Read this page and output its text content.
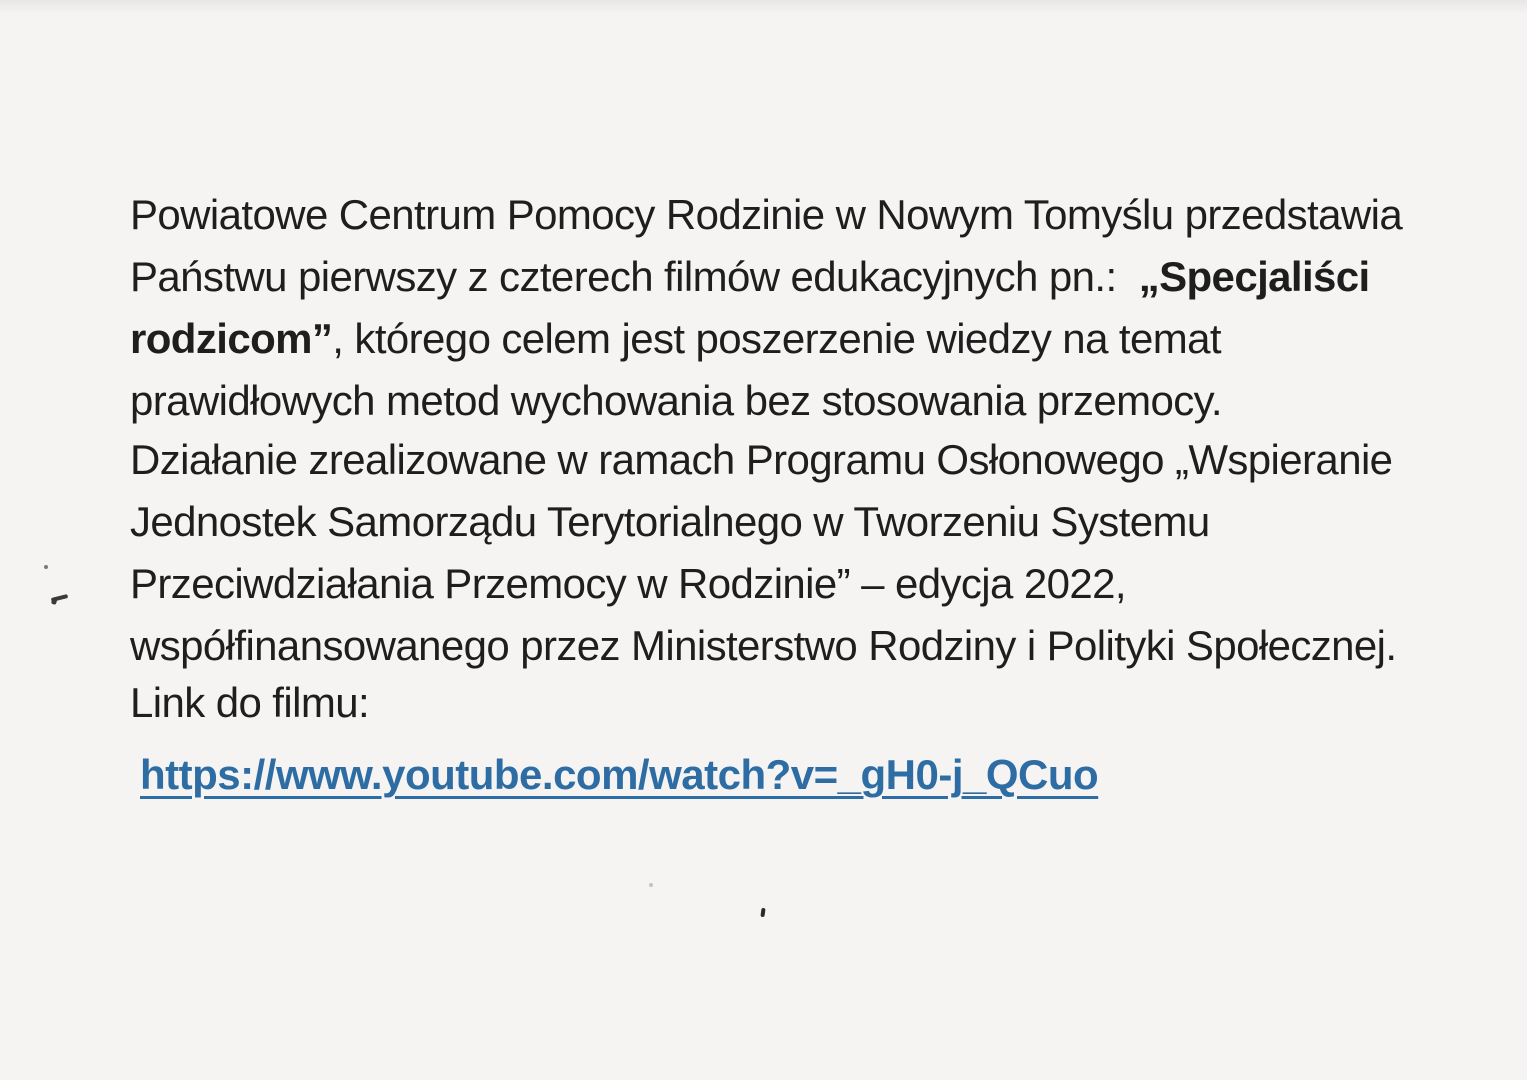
Powiatowe Centrum Pomocy Rodzinie w Nowym Tomyślu przedstawia
Państwu pierwszy z czterech filmów edukacyjnych pn.:  „Specjaliści
rodzicom”, którego celem jest poszerzenie wiedzy na temat
prawidłowych metod wychowania bez stosowania przemocy.
Działanie zrealizowane w ramach Programu Osłonowego „Wspieranie
Jednostek Samorządu Terytorialnego w Tworzeniu Systemu
Przeciwdziałania Przemocy w Rodzinie” – edycja 2022,
współfinansowanego przez Ministerstwo Rodziny i Polityki Społecznej.
Link do filmu:
https://www.youtube.com/watch?v=_gH0-j_QCuo
